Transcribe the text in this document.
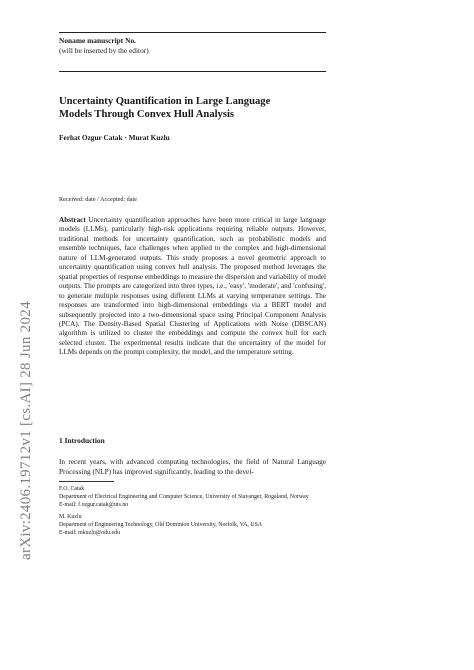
arXiv:2406.19712v1 [cs.AI] 28 Jun 2024
Noname manuscript No.
(will be inserted by the editor)
Uncertainty Quantification in Large Language
Models Through Convex Hull Analysis
Ferhat Ozgur Catak · Murat Kuzlu
Received: date / Accepted: date
Abstract Uncertainty quantification approaches have been more critical in large language models (LLMs), particularly high-risk applications requiring reliable outputs. However, traditional methods for uncertainty quantification, such as probabilistic models and ensemble techniques, face challenges when applied to the complex and high-dimensional nature of LLM-generated outputs. This study proposes a novel geometric approach to uncertainty quantification using convex hull analysis. The proposed method leverages the spatial properties of response embeddings to measure the dispersion and variability of model outputs. The prompts are categorized into three types, i.e., 'easy', 'moderate', and 'confusing', to generate multiple responses using different LLMs at varying temperature settings. The responses are transformed into high-dimensional embeddings via a BERT model and subsequently projected into a two-dimensional space using Principal Component Analysis (PCA). The Density-Based Spatial Clustering of Applications with Noise (DBSCAN) algorithm is utilized to cluster the embeddings and compute the convex hull for each selected cluster. The experimental results indicate that the uncertainty of the model for LLMs depends on the prompt complexity, the model, and the temperature setting.
1 Introduction
In recent years, with advanced computing technologies, the field of Natural Language Processing (NLP) has improved significantly, leading to the devel-
F.O. Catak
Department of Electrical Engineering and Computer Science, University of Stavanger, Rogaland, Norway
E-mail: f.ozgur.catak@uis.no
M. Kuzlu
Department of Engineering Technology, Old Dominion University, Norfolk, VA, USA
E-mail: mkuzlu@odu.edu
